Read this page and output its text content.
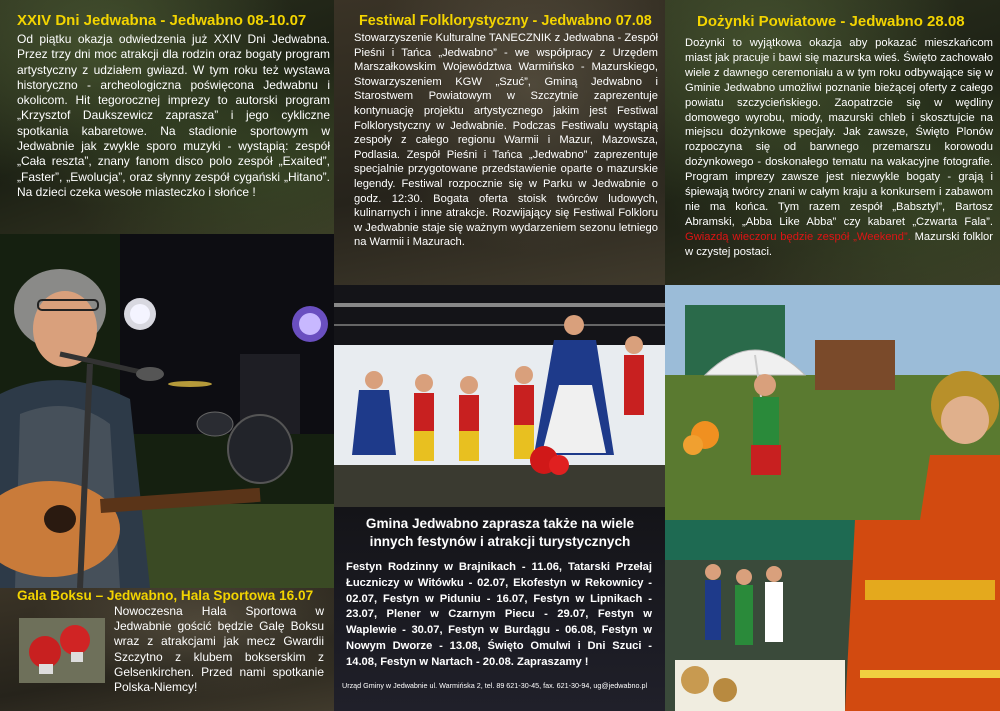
XXIV Dni Jedwabna - Jedwabno 08-10.07
Od piątku okazja odwiedzenia już XXIV Dni Jedwabna. Przez trzy dni moc atrakcji dla rodzin oraz bogaty program artystyczny z udziałem gwiazd. W tym roku też wystawa historyczno - archeologiczna poświęcona Jedwabnu i okolicom. Hit tegorocznej imprezy to autorski program „Krzysztof Daukszewicz zaprasza” i jego cykliczne spotkania kabaretowe. Na stadionie sportowym w Jedwabnie jak zwykle sporo muzyki - wystąpią: zespół „Cała reszta”, znany fanom disco polo zespół „Exaited”, „Faster”, „Ewolucja”, oraz słynny zespół cygański „Hitano”. Na dzieci czeka wesołe miasteczko i słońce !
Gala Boksu – Jedwabno, Hala Sportowa 16.07
Nowoczesna Hala Sportowa w Jedwabnie gościć będzie Galę Boksu wraz z atrakcjami jak mecz Gwardii Szczytno z klubem bokserskim z Gelsenkirchen. Przed nami spotkanie Polska-Niemcy!
Festiwal Folklorystyczny - Jedwabno 07.08
Stowarzyszenie Kulturalne TANECZNIK z Jedwabna - Zespół Pieśni i Tańca „Jedwabno” - we współpracy z Urzędem Marszałkowskim Województwa Warmińsko - Mazurskiego, Stowarzyszeniem KGW „Szuć”, Gminą Jedwabno i Starostwem Powiatowym w Szczytnie zaprezentuje kontynuację projektu artystycznego jakim jest Festiwal Folklorystyczny w Jedwabnie. Podczas Festiwalu wystąpią zespoły z całego regionu Warmii i Mazur, Mazowsza, Podlasia. Zespół Pieśni i Tańca „Jedwabno” zaprezentuje specjalnie przygotowane przedstawienie oparte o mazurskie legendy. Festiwal rozpocznie się w Parku w Jedwabnie o godz. 12:30. Bogata oferta stoisk twórców ludowych, kulinarnych i inne atrakcje. Rozwijający się Festiwal Folkloru w Jedwabnie staje się ważnym wydarzeniem sezonu letniego na Warmii i Mazurach.
Gmina Jedwabno zaprasza także na wiele innych festynów i atrakcji turystycznych
Festyn Rodzinny w Brajnikach - 11.06, Tatarski Przełaj Łuczniczy w Witówku - 02.07, Ekofestyn w Rekownicy - 02.07, Festyn w Piduniu - 16.07, Festyn w Lipnikach - 23.07, Plener w Czarnym Piecu - 29.07, Festyn w Waplewie - 30.07, Festyn w Burdągu - 06.08, Festyn w Nowym Dworze - 13.08, Święto Omulwi i Dni Szuci - 14.08, Festyn w Nartach - 20.08. Zapraszamy !
Urząd Gminy w Jedwabnie ul. Warmińska 2, tel. 89 621-30-45, fax. 621-30-94, ug@jedwabno.pl
Dożynki Powiatowe - Jedwabno 28.08
Dożynki to wyjątkowa okazja aby pokazać mieszkańcom miast jak pracuje i bawi się mazurska wieś. Święto zachowało wiele z dawnego ceremoniału a w tym roku odbywające się w Gminie Jedwabno umożliwi poznanie bieżącej oferty z całego powiatu szczycieńskiego. Zaopatrzcie się w wędliny domowego wyrobu, miody, mazurski chleb i skosztujcie na miejscu dożynkowe specjały. Jak zawsze, Święto Plonów rozpoczyna się od barwnego przemarszu korowodu dożynkowego - doskonałego tematu na wakacyjne fotografie. Program imprezy zawsze jest niezwykle bogaty - grają i śpiewają twórcy znani w całym kraju a konkursem i zabawom nie ma końca. Tym razem zespół „Babsztyl”, Bartosz Abramski, „Abba Like Abba” czy kabaret „Czwarta Fala”. Gwiazdą wieczoru będzie zespół „Weekend”. Mazurski folklor w czystej postaci.
